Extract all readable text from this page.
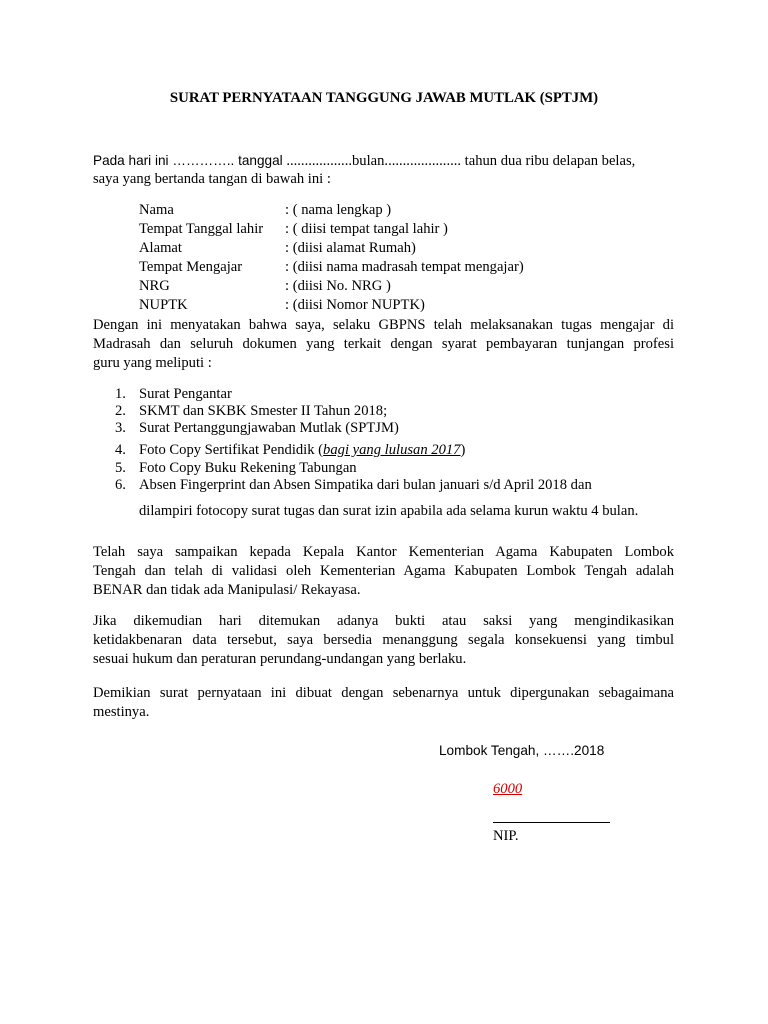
SURAT PERNYATAAN TANGGUNG JAWAB MUTLAK (SPTJM)
Pada hari ini ………….. tanggal ..................bulan..................... tahun dua ribu delapan belas,
saya yang bertanda tangan di bawah ini :
Nama	: ( nama lengkap )
Tempat Tanggal lahir : ( diisi tempat tangal lahir )
Alamat	: (diisi alamat Rumah)
Tempat Mengajar	: (diisi nama madrasah tempat mengajar)
NRG	: (diisi No. NRG )
NUPTK	: (diisi Nomor NUPTK)
Dengan ini menyatakan bahwa saya, selaku GBPNS telah melaksanakan tugas mengajar di
Madrasah dan seluruh dokumen yang terkait dengan syarat pembayaran tunjangan profesi
guru yang meliputi :
1. Surat Pengantar
2. SKMT dan SKBK Smester II Tahun 2018;
3. Surat Pertanggungjawaban Mutlak (SPTJM)
4. Foto Copy Sertifikat Pendidik (bagi yang lulusan 2017)
5. Foto Copy Buku Rekening Tabungan
6. Absen Fingerprint dan Absen Simpatika dari bulan januari s/d April 2018 dan
dilampiri fotocopy surat tugas dan surat izin apabila ada selama kurun waktu 4 bulan.
Telah saya sampaikan kepada Kepala Kantor Kementerian Agama Kabupaten Lombok
Tengah dan telah di validasi oleh Kementerian Agama Kabupaten Lombok Tengah adalah
BENAR dan tidak ada Manipulasi/ Rekayasa.
Jika dikemudian hari ditemukan adanya bukti atau saksi yang mengindikasikan
ketidakbenaran data tersebut, saya bersedia menanggung segala konsekuensi yang timbul
sesuai hukum dan peraturan perundang-undangan yang berlaku.
Demikian surat pernyataan ini dibuat dengan sebenarnya untuk dipergunakan sebagaimana
mestinya.
Lombok Tengah, …….2018
6000
NIP.
